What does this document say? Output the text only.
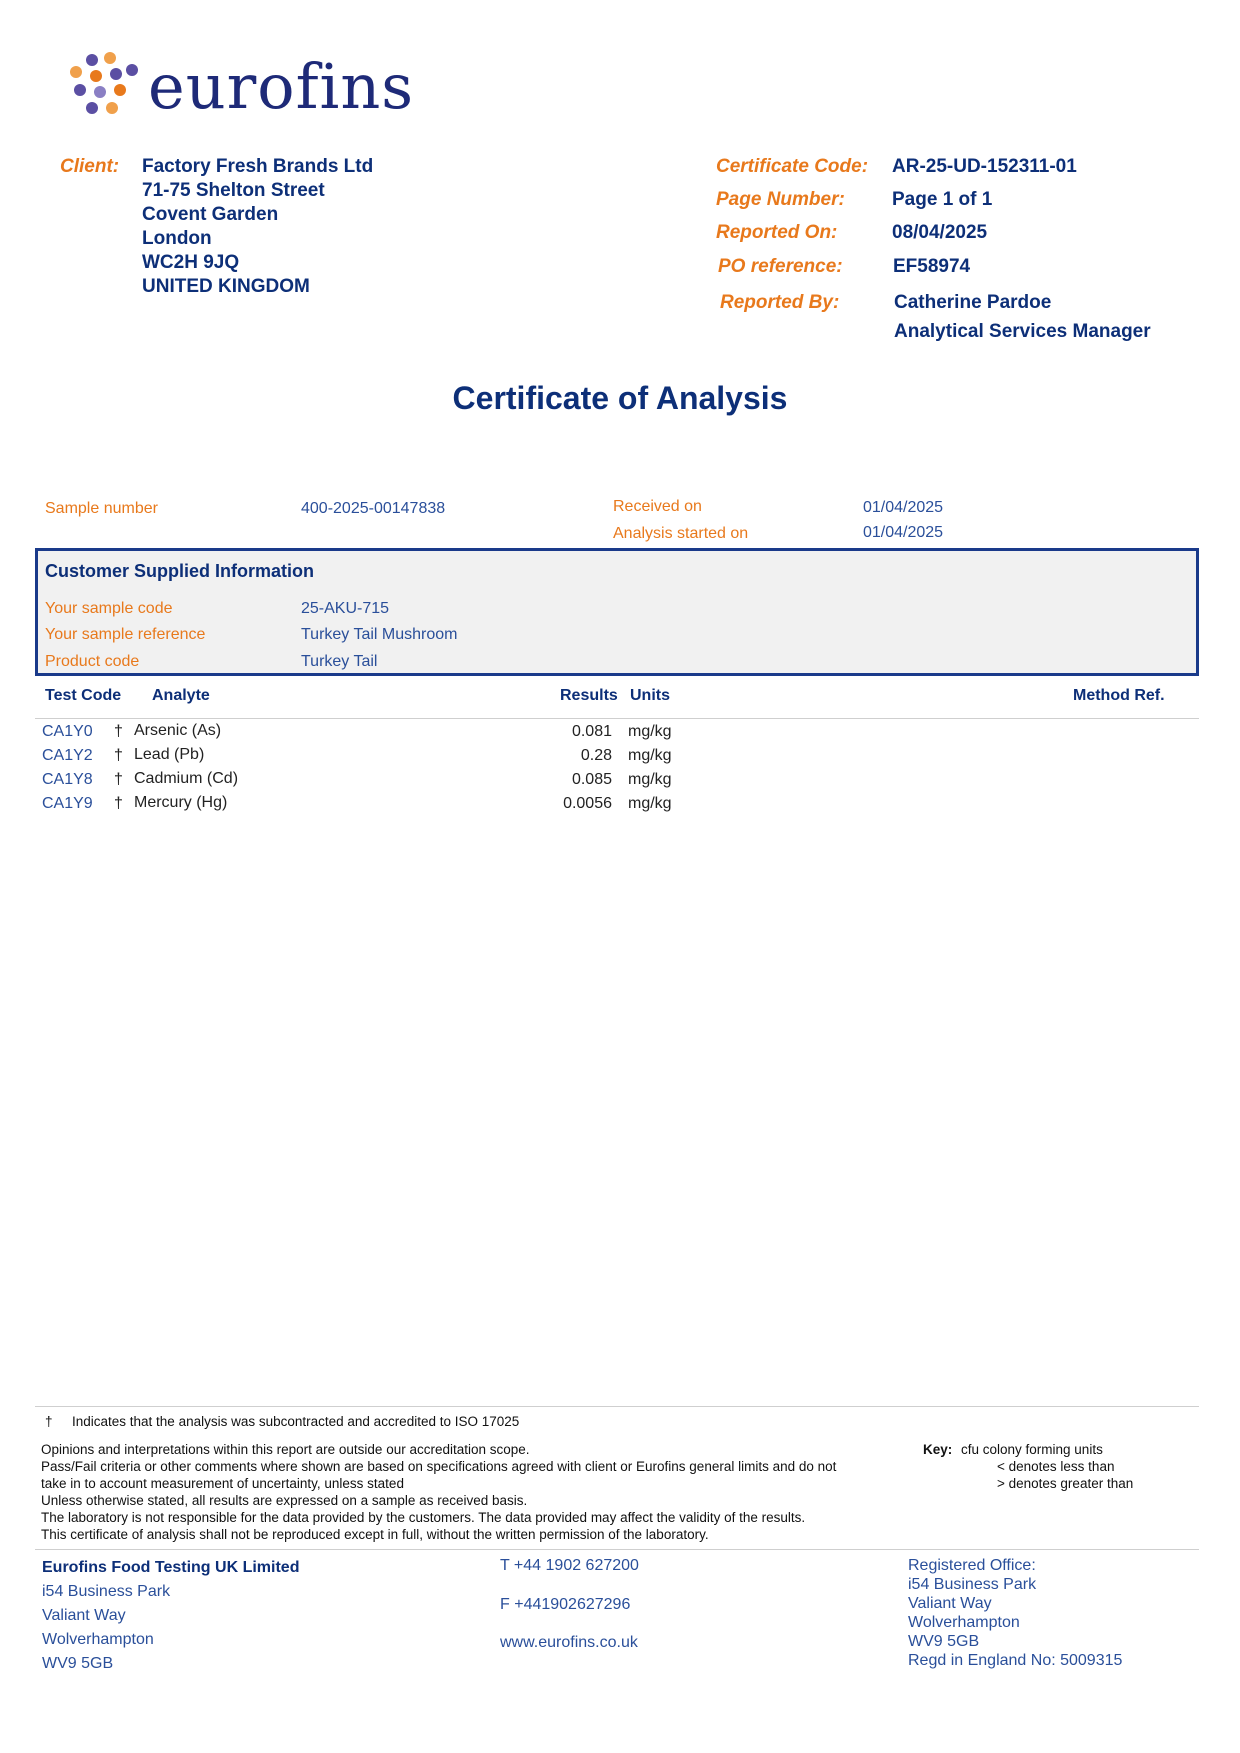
eurofins
Client: Factory Fresh Brands Ltd
71-75 Shelton Street
Covent Garden
London
WC2H 9JQ
UNITED KINGDOM
Certificate Code: AR-25-UD-152311-01
Page Number: Page 1 of 1
Reported On:	08/04/2025
PO reference:	EF58974
Reported By:	Catherine Pardoe
Analytical Services Manager
Certificate of Analysis
Sample number	400-2025-00147838	Received on	01/04/2025
Analysis started on	01/04/2025
Customer Supplied Information
Your sample code	25-AKU-715
Your sample reference	Turkey Tail Mushroom
Product code	Turkey Tail
Test Code Analyte	Results Units	Method Ref.
CA1Y0 † Arsenic (As)	0.081 mg/kg
CA1Y2 † Lead (Pb)	0.28 mg/kg
CA1Y8 † Cadmium (Cd)	0.085 mg/kg
CA1Y9 † Mercury (Hg)	0.0056 mg/kg
† Indicates that the analysis was subcontracted and accredited to ISO 17025
Opinions and interpretations within this report are outside our accreditation scope.
Pass/Fail criteria or other comments where shown are based on specifications agreed with client or Eurofins general limits and do not
take in to account measurement of uncertainty, unless stated
Unless otherwise stated, all results are expressed on a sample as received basis.
The laboratory is not responsible for the data provided by the customers. The data provided may affect the validity of the results.
This certificate of analysis shall not be reproduced except in full, without the written permission of the laboratory.
Key: cfu colony forming units
< denotes less than
> denotes greater than
Eurofins Food Testing UK Limited
i54 Business Park
Valiant Way
Wolverhampton
WV9 5GB
T +44 1902 627200
F +441902627296
www.eurofins.co.uk
Registered Office:
i54 Business Park
Valiant Way
Wolverhampton
WV9 5GB
Regd in England No: 5009315
